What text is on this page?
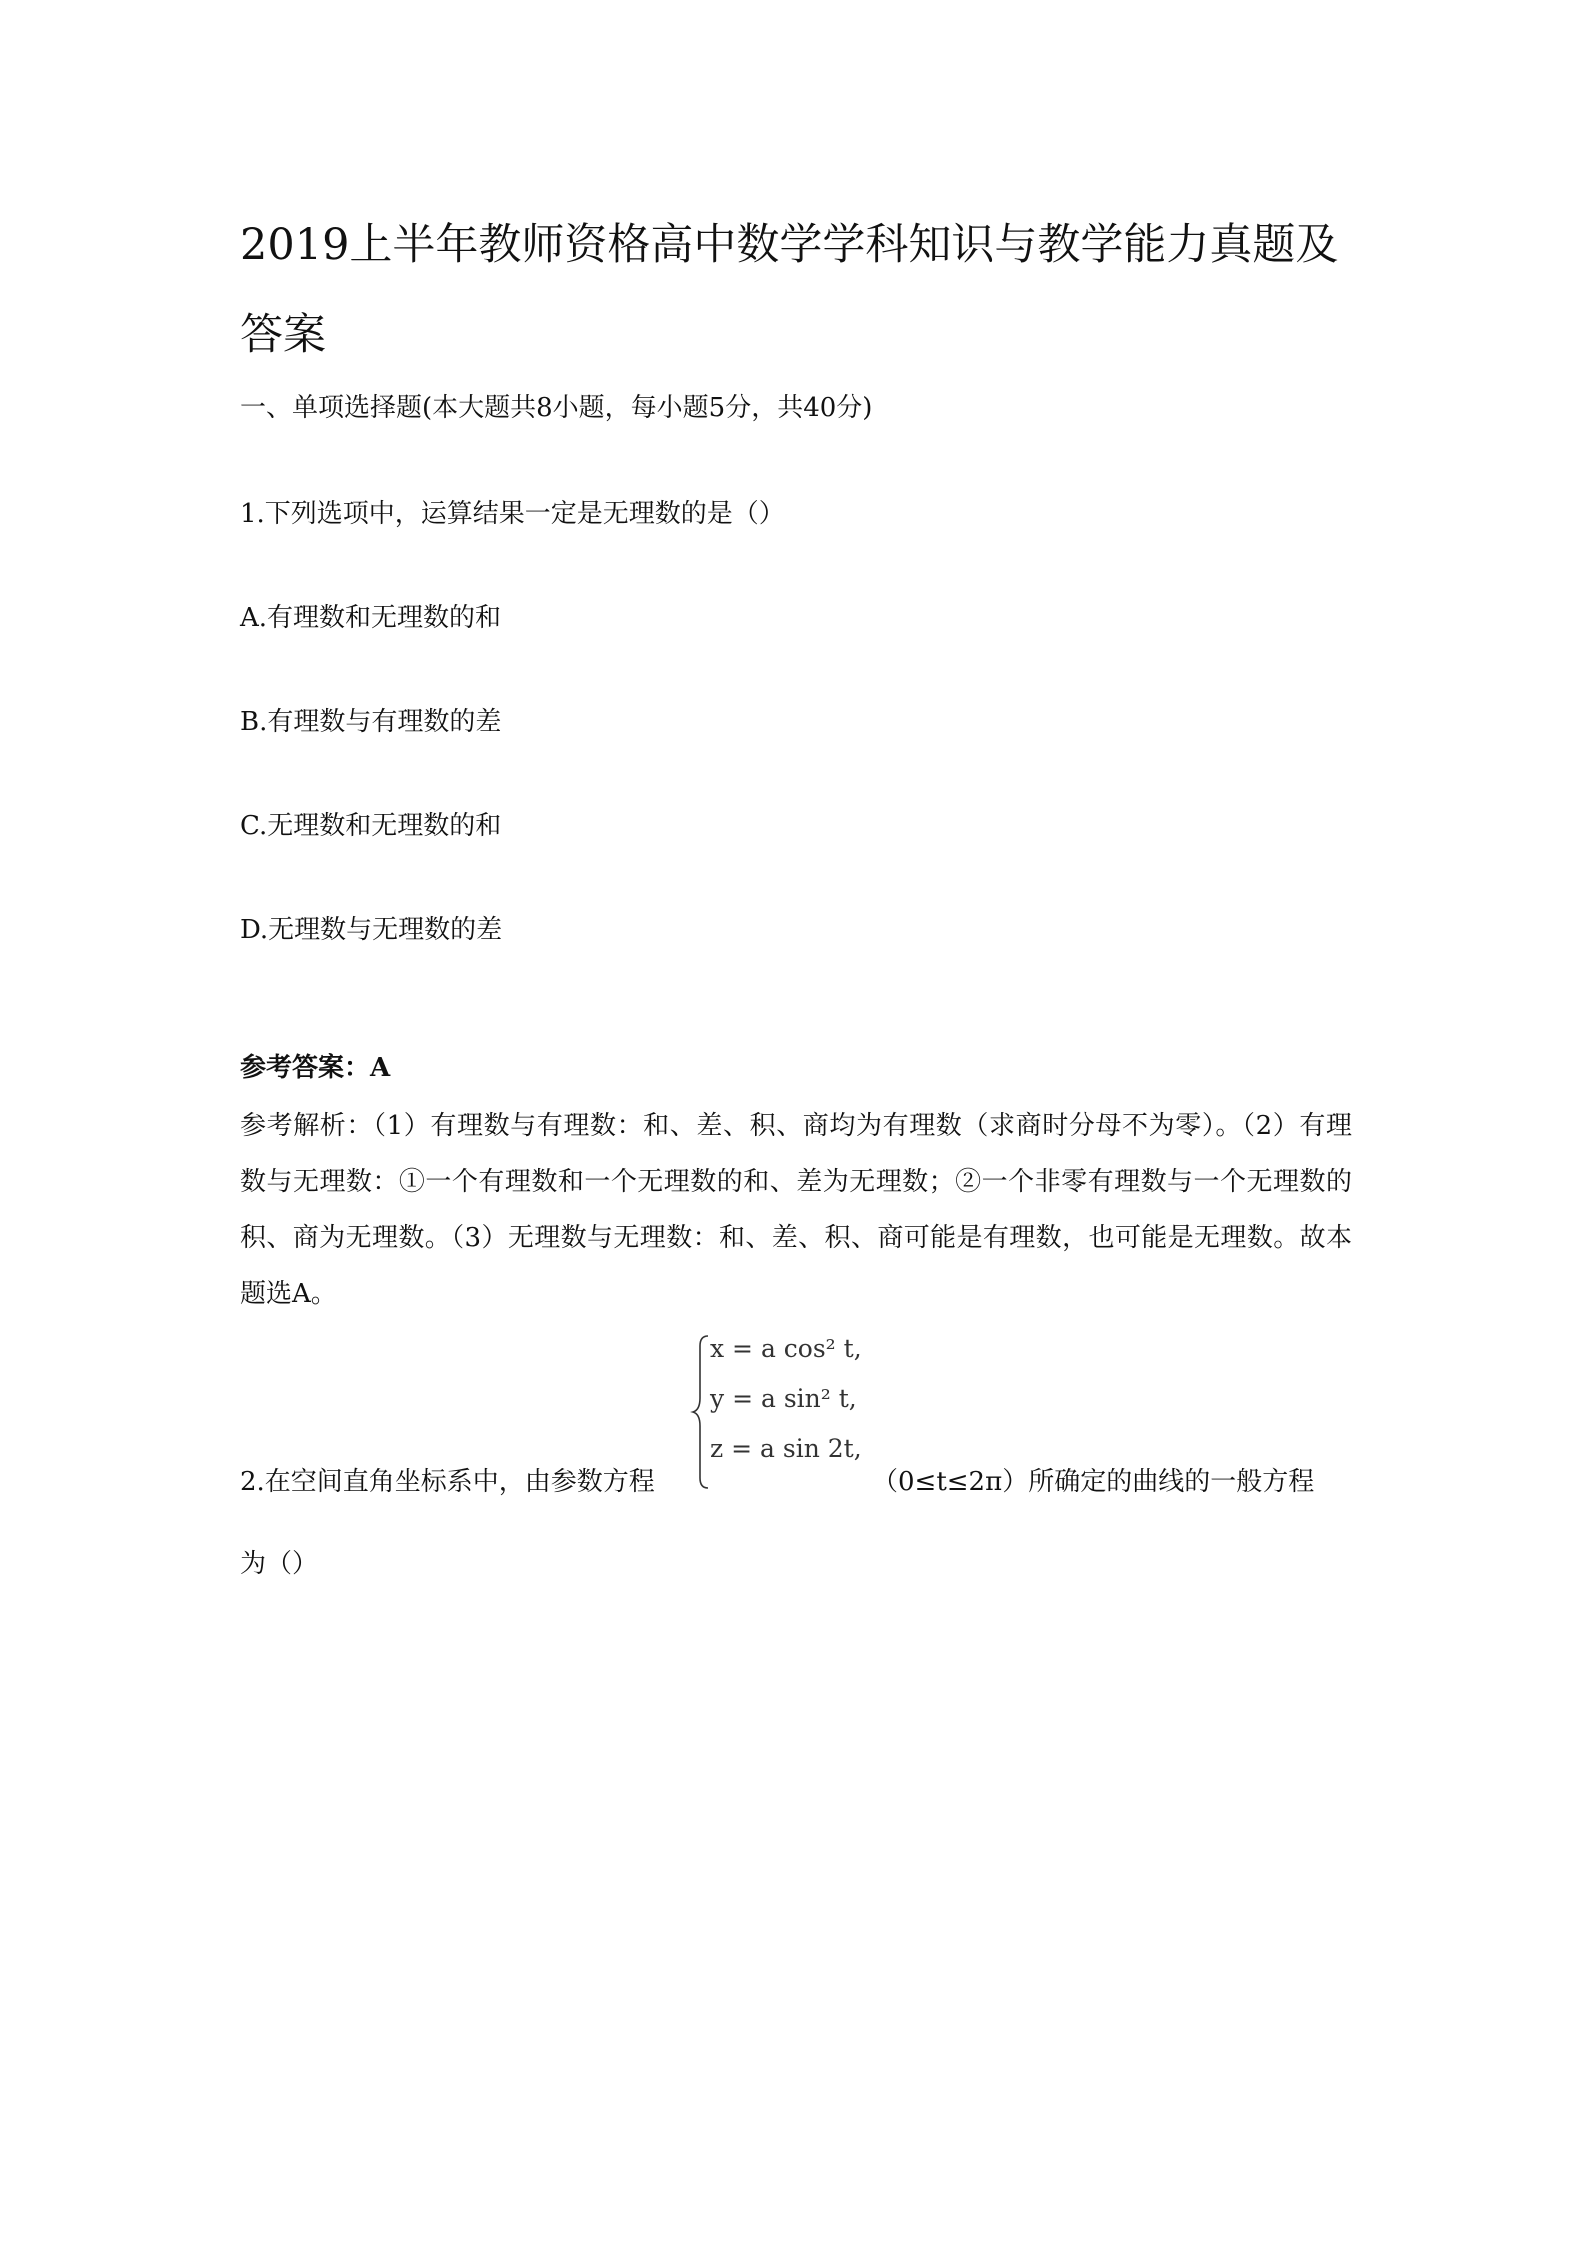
2019上半年教师资格高中数学学科知识与教学能力真题及答案
一、单项选择题(本大题共8小题，每小题5分，共40分)
1.下列选项中，运算结果一定是无理数的是（）
A.有理数和无理数的和
B.有理数与有理数的差
C.无理数和无理数的和
D.无理数与无理数的差
参考答案：A

参考解析：（1）有理数与有理数：和、差、积、商均为有理数（求商时分母不为零）。（2）有理数与无理数：①一个有理数和一个无理数的和、差为无理数；②一个非零有理数与一个无理数的积、商为无理数。（3）无理数与无理数：和、差、积、商可能是有理数，也可能是无理数。故本题选A。

x = a cos² t,
y = a sin² t,
z = a sin 2t,
2.在空间直角坐标系中，由参数方程	（0≤t≤2π）所确定的曲线的一般方程
为（）
